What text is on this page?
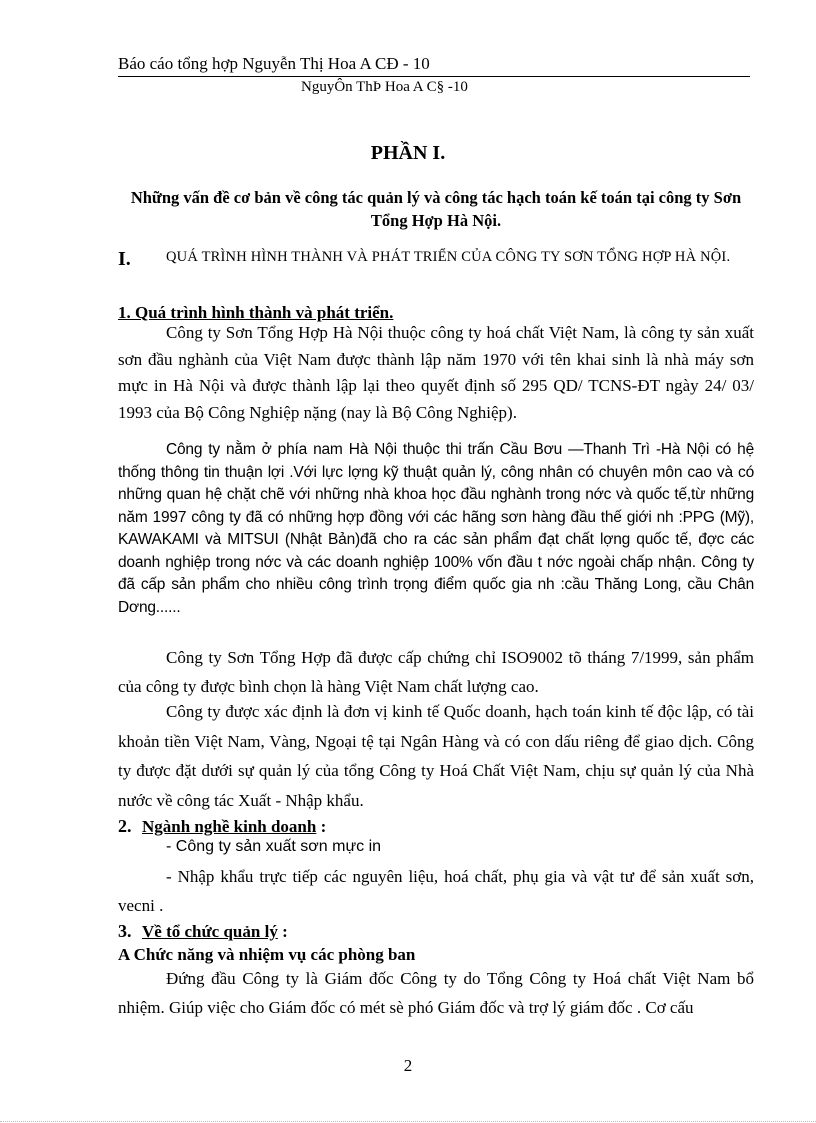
Báo cáo tổng hợp Nguyễn Thị Hoa A CĐ - 10
NguyÔn ThÞ Hoa A C§ -10
PHẦN I.
Những vấn đề cơ bản về công tác quản lý và công tác hạch toán kế toán tại công ty Sơn Tổng Hợp Hà Nội.
I.	QUÁ TRÌNH HÌNH THÀNH VÀ PHÁT TRIỂN CỦA CÔNG TY SƠN TỔNG HỢP HÀ NỘI.
1. Quá trình hình thành và phát triển.
Công ty Sơn Tổng Hợp Hà Nội thuộc công ty hoá chất Việt Nam, là công ty sản xuất sơn đầu nghành của Việt Nam được thành lập năm 1970 với tên khai sinh là nhà máy sơn mực in Hà Nội và được thành lập lại theo quyết định số 295 QD/ TCNS-ĐT ngày 24/ 03/ 1993 của Bộ Công Nghiệp nặng (nay là Bộ Công Nghiệp).
Công ty nằm ở phía nam Hà Nội thuộc thi trấn Cầu Bơu —Thanh Trì -Hà Nội có hệ thống thông tin thuận lợi .Với lực lợng kỹ thuật quản lý, công nhân có chuyên môn cao và có những quan hệ chặt chẽ với những nhà khoa học đầu nghành trong nớc và quốc tế,từ những năm 1997 công ty đã có những hợp đồng với các hãng sơn hàng đầu thế giới nh :PPG (Mỹ), KAWAKAMI và MITSUI (Nhật Bản)đã cho ra các sản phẩm đạt chất lợng quốc tế, đợc các doanh nghiệp trong nớc và các doanh nghiệp 100% vốn đầu t nớc ngoài chấp nhận. Công ty đã cấp sản phẩm cho nhiều công trình trọng điểm quốc gia nh :cầu Thăng Long, cầu Chân Dơng......
Công ty Sơn Tổng Hợp đã được cấp chứng chỉ ISO9002 tõ tháng 7/1999, sản phẩm của công ty được bình chọn là hàng Việt Nam chất lượng cao.
Công ty được xác định là đơn vị kinh tế Quốc doanh, hạch toán kinh tế độc lập, có tài khoản tiền Việt Nam, Vàng, Ngoại tệ tại Ngân Hàng và có con dấu riêng để giao dịch. Công ty được đặt dưới sự quản lý của tổng Công ty Hoá Chất Việt Nam, chịu sự quản lý của Nhà nước về công tác Xuất - Nhập khẩu.
2. Ngành nghề kinh doanh :
- Công ty sản xuất sơn mực in
- Nhập khẩu trực tiếp các nguyên liệu, hoá chất, phụ gia và vật tư để sản xuất sơn, vecni .
3. Về tổ chức quản lý :
A Chức năng và nhiệm vụ các phòng ban
Đứng đầu Công ty là Giám đốc Công ty do Tổng Công ty Hoá chất Việt Nam bổ nhiệm. Giúp việc cho Giám đốc có mét sè phó Giám đốc và trợ lý giám đốc . Cơ cấu
2
